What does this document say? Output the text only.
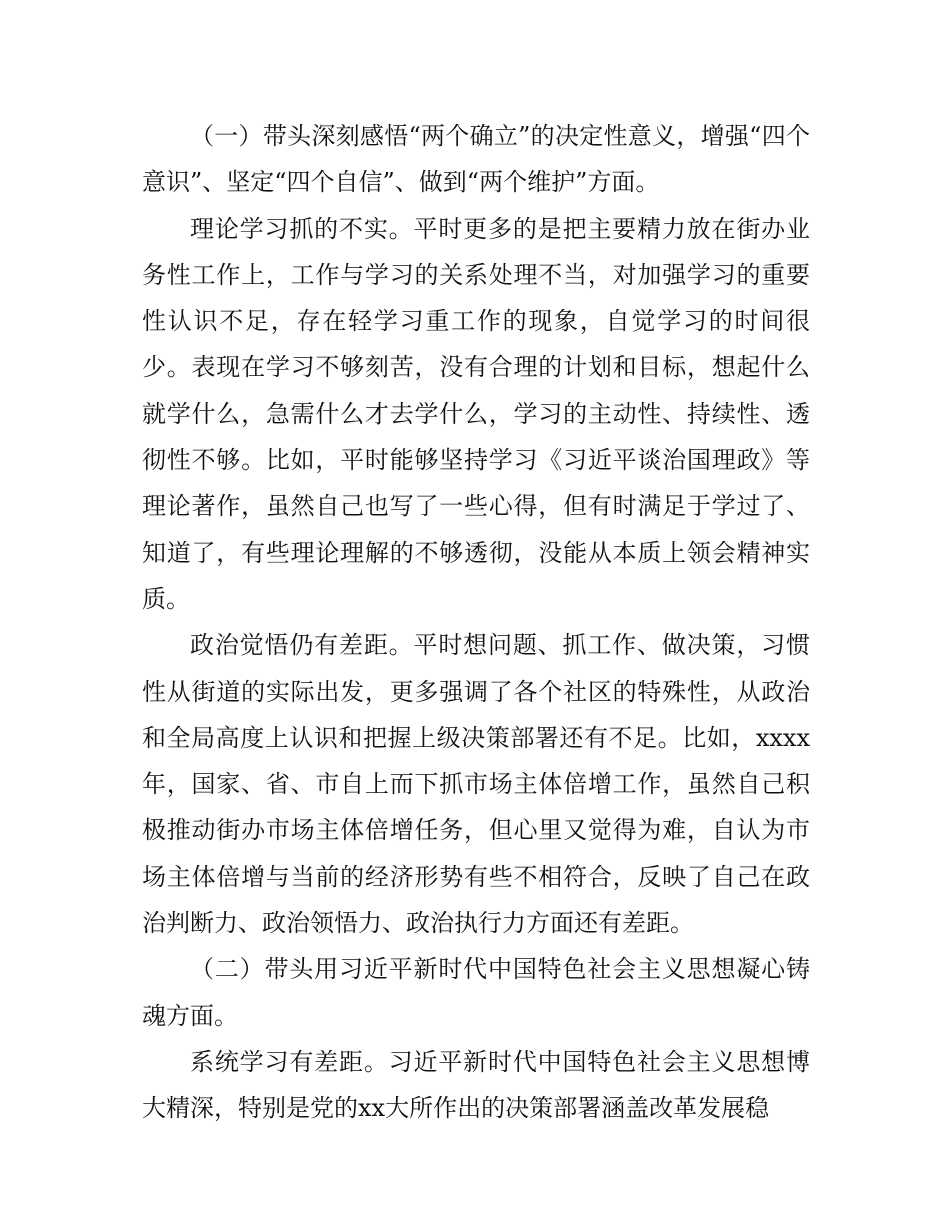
（一）带头深刻感悟“两个确立”的决定性意义，增强“四个意识”、坚定“四个自信”、做到“两个维护”方面。

理论学习抓的不实。平时更多的是把主要精力放在街办业务性工作上，工作与学习的关系处理不当，对加强学习的重要性认识不足，存在轻学习重工作的现象，自觉学习的时间很少。表现在学习不够刻苦，没有合理的计划和目标，想起什么就学什么，急需什么才去学什么，学习的主动性、持续性、透彻性不够。比如，平时能够坚持学习《习近平谈治国理政》等理论著作，虽然自己也写了一些心得，但有时满足于学过了、知道了，有些理论理解的不够透彻，没能从本质上领会精神实质。

政治觉悟仍有差距。平时想问题、抓工作、做决策，习惯性从街道的实际出发，更多强调了各个社区的特殊性，从政治和全局高度上认识和把握上级决策部署还有不足。比如，xxxx年，国家、省、市自上而下抓市场主体倍增工作，虽然自己积极推动街办市场主体倍增任务，但心里又觉得为难，自认为市场主体倍增与当前的经济形势有些不相符合，反映了自己在政治判断力、政治领悟力、政治执行力方面还有差距。

（二）带头用习近平新时代中国特色社会主义思想凝心铸魂方面。

系统学习有差距。习近平新时代中国特色社会主义思想博大精深，特别是党的xx大所作出的决策部署涵盖改革发展稳
